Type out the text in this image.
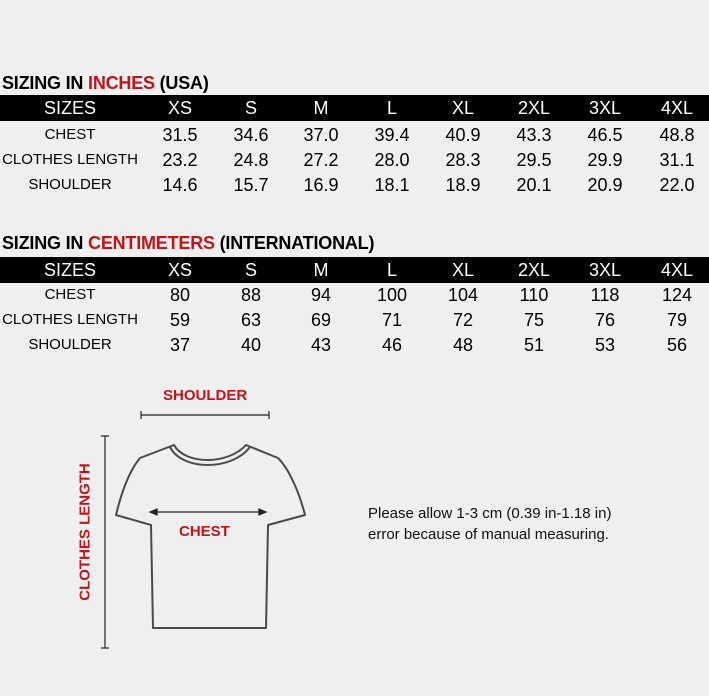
SIZING IN INCHES (USA)
SIZES	XS	S	M	L	XL	2XL	3XL	4XL
CHEST	31.5	34.6	37.0	39.4	40.9	43.3	46.5	48.8
CLOTHES LENGTH	23.2	24.8	27.2	28.0	28.3	29.5	29.9	31.1
SHOULDER	14.6	15.7	16.9	18.1	18.9	20.1	20.9	22.0
SIZING IN CENTIMETERS (INTERNATIONAL)
SIZES	XS	S	M	L	XL	2XL	3XL	4XL
CHEST	80	88	94	100	104	110	118	124
CLOTHES LENGTH	59	63	69	71	72	75	76	79
SHOULDER	37	40	43	46	48	51	53	56
SHOULDER
CHEST
CLOTHES LENGTH	Please allow 1-3 cm (0.39 in-1.18 in)
error because of manual measuring.
